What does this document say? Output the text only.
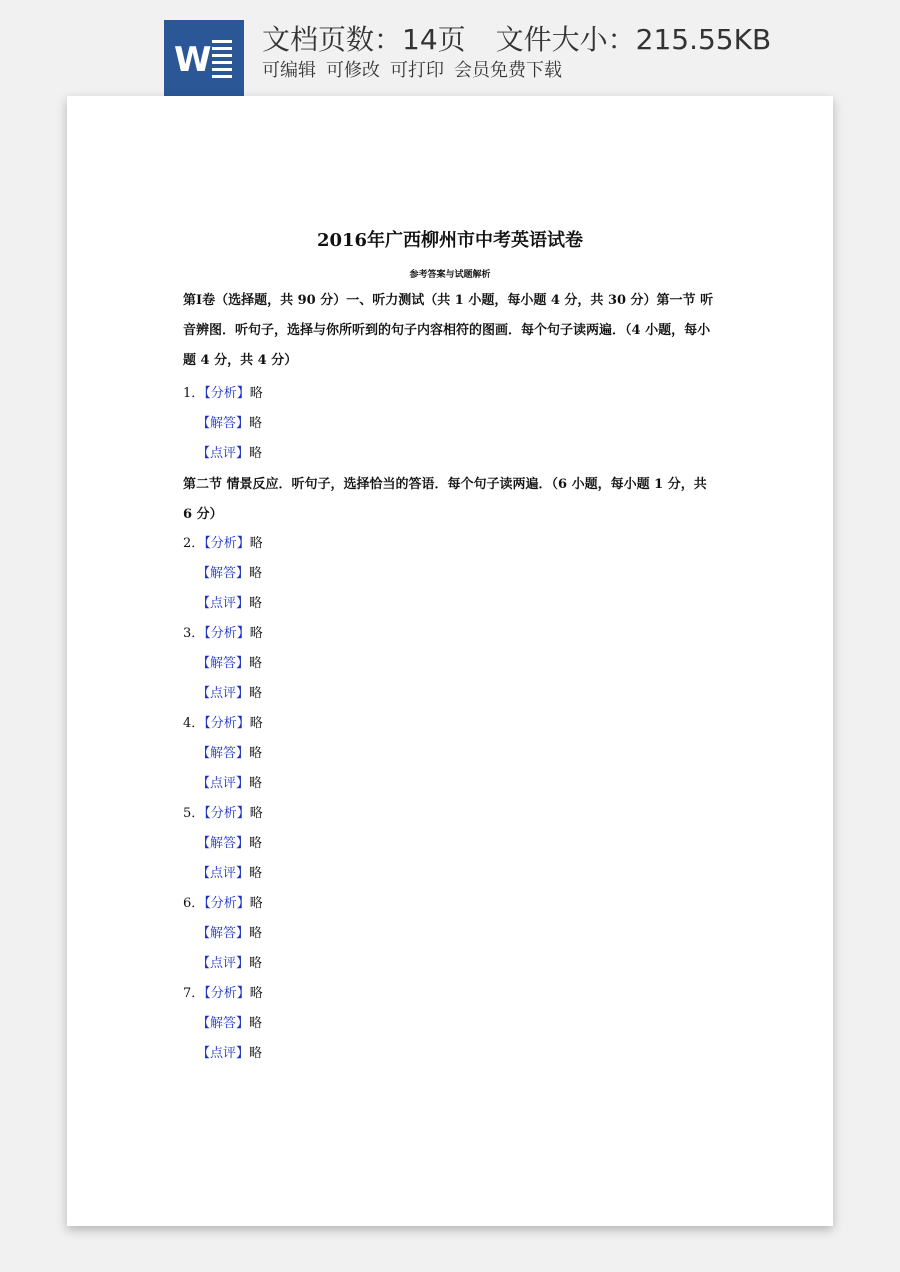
W
文档页数：14页 文件大小：215.55KB
可编辑 可修改 可打印 会员免费下载
2016年广西柳州市中考英语试卷
参考答案与试题解析
第Ⅰ卷（选择题，共 90 分）一、听力测试（共 1 小题，每小题 4 分，共 30 分）第一节 听音辨图．听句子，选择与你所听到的句子内容相符的图画．每个句子读两遍．（4 小题，每小题 4 分，共 4 分）
1．【分析】略
【解答】略
【点评】略
第二节 情景反应．听句子，选择恰当的答语．每个句子读两遍．（6 小题，每小题 1 分，共 6 分）
2．【分析】略
【解答】略
【点评】略
3．【分析】略
【解答】略
【点评】略
4．【分析】略
【解答】略
【点评】略
5．【分析】略
【解答】略
【点评】略
6．【分析】略
【解答】略
【点评】略
7．【分析】略
【解答】略
【点评】略
